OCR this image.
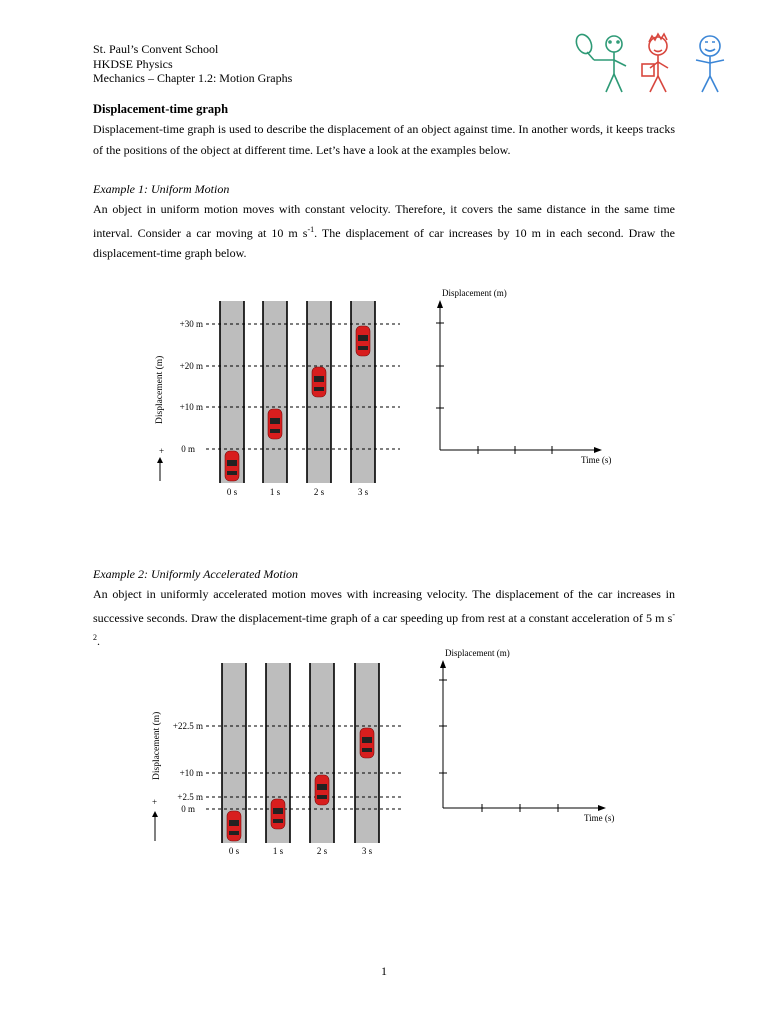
St. Paul’s Convent School
HKDSE Physics
Mechanics – Chapter 1.2: Motion Graphs
Displacement-time graph
Displacement-time graph is used to describe the displacement of an object against time. In another words, it keeps tracks of the positions of the object at different time. Let’s have a look at the examples below.
Example 1: Uniform Motion
An object in uniform motion moves with constant velocity. Therefore, it covers the same distance in the same time interval. Consider a car moving at 10 m $s^{-1}$. The displacement of car increases by 10 m in each second. Draw the displacement-time graph below.
+30 m
+20 m
+10 m
0 m
Displacement (m)
+
0 s	1 s	2 s	3 s
Displacement (m)
Time (s)
Example 2: Uniformly Accelerated Motion
An object in uniformly accelerated motion moves with increasing velocity. The displacement of the car increases in successive seconds. Draw the displacement-time graph of a car speeding up from rest at a constant acceleration of 5 m $s^{-2}$.
+22.5 m
+10 m
+2.5 m
0 m
Displacement (m)
+
0 s	1 s	2 s	3 s
Displacement (m)
Time (s)
1
